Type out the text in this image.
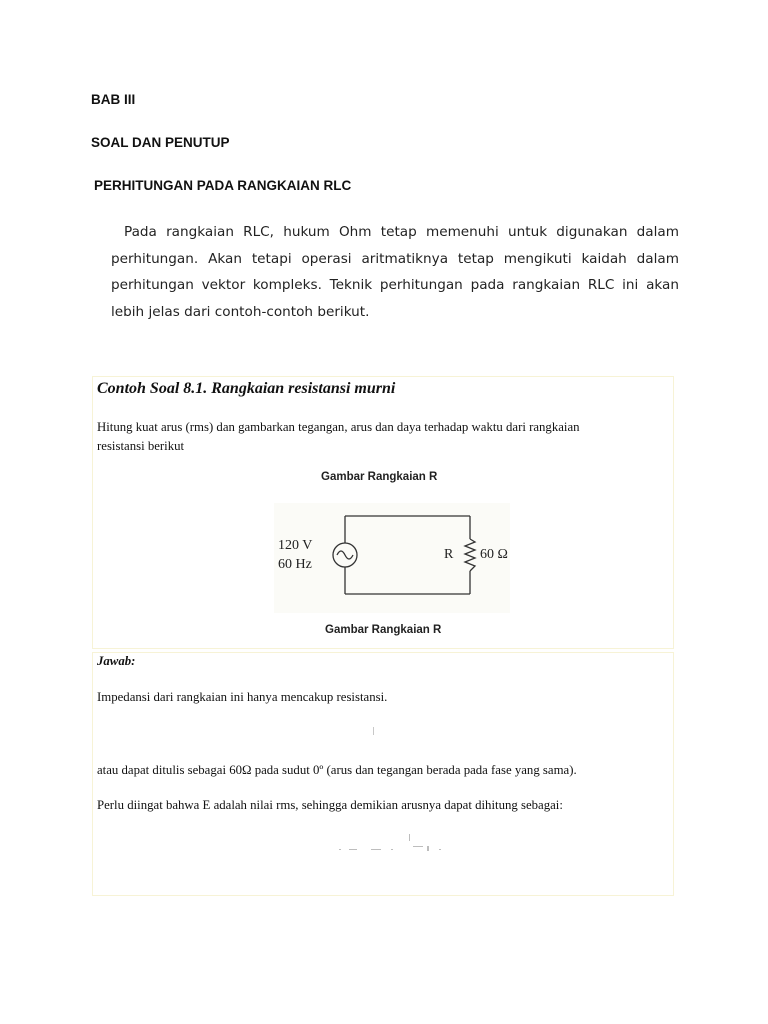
BAB III
SOAL DAN PENUTUP
PERHITUNGAN PADA RANGKAIAN RLC
Pada rangkaian RLC, hukum Ohm tetap memenuhi untuk digunakan dalam perhitungan. Akan tetapi operasi aritmatiknya tetap mengikuti kaidah dalam perhitungan vektor kompleks. Teknik perhitungan pada rangkaian RLC ini akan lebih jelas dari contoh-contoh berikut.
Contoh Soal 8.1. Rangkaian resistansi murni
Hitung kuat arus (rms) dan gambarkan tegangan, arus dan daya terhadap waktu dari rangkaian
resistansi berikut
Gambar Rangkaian R
120 V
60 Hz
R 60 Ω
Gambar Rangkaian R
Jawab:
Impedansi dari rangkaian ini hanya mencakup resistansi.
atau dapat ditulis sebagai 60Ω pada sudut 0º (arus dan tegangan berada pada fase yang sama).
Perlu diingat bahwa E adalah nilai rms, sehingga demikian arusnya dapat dihitung sebagai:
